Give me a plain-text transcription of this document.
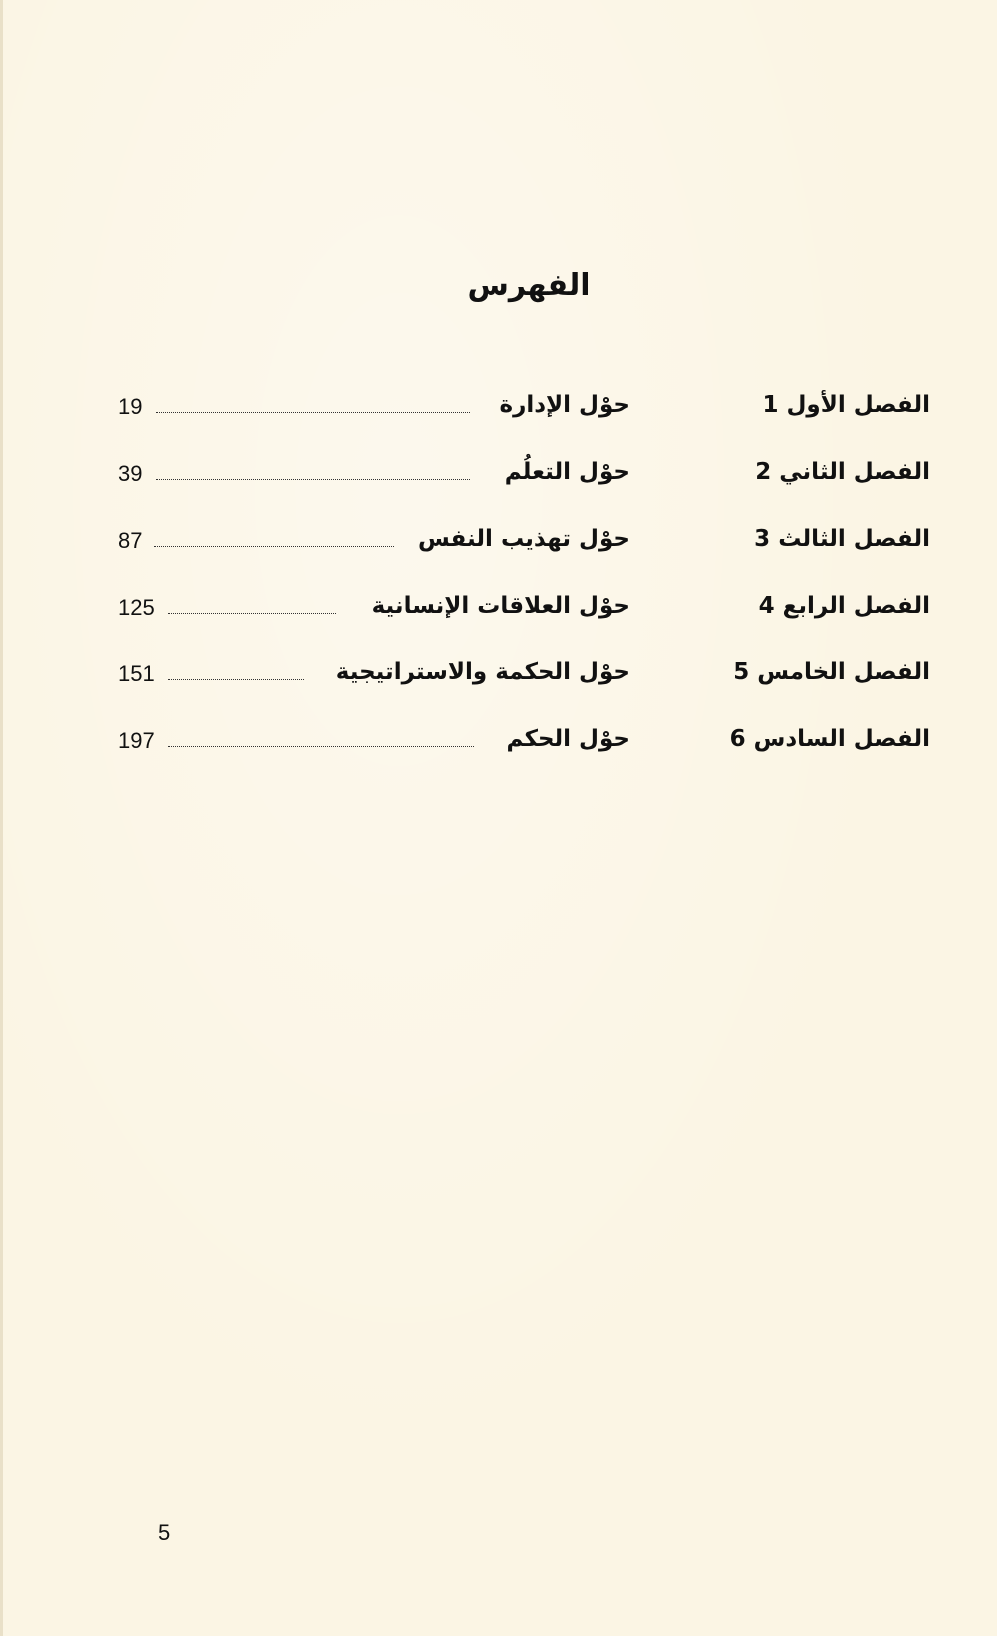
الفهرس
الفصل الأول 1
حوْل الإدارة
19
الفصل الثاني 2
حوْل التعلُم
39
الفصل الثالث 3
حوْل تهذيب النفس
87
الفصل الرابع 4
حوْل العلاقات الإنسانية
125
الفصل الخامس 5
حوْل الحكمة والاستراتيجية
151
الفصل السادس 6
حوْل الحكم
197
5
